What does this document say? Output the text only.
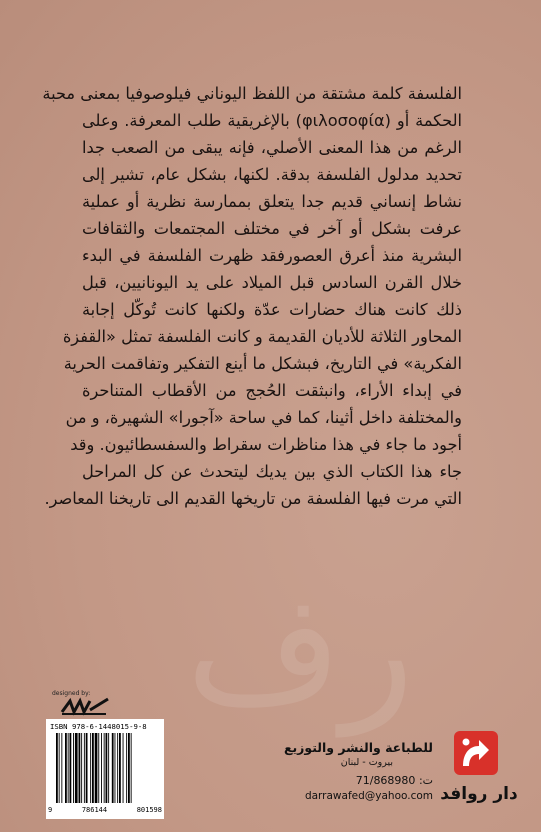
رف
الفلسفة كلمة مشتقة من اللفظ اليوناني فيلوصوفيا بمعنى محبة
الحكمة أو (φιλοσοφία) بالإغريقية طلب المعرفة. وعلى
الرغم من هذا المعنى الأصلي، فإنه يبقى من الصعب جدا
تحديد مدلول الفلسفة بدقة. لكنها، بشكل عام، تشير إلى
نشاط إنساني قديم جدا يتعلق بممارسة نظرية أو عملية
عرفت بشكل أو آخر في مختلف المجتمعات والثقافات
البشرية منذ أعرق العصورفقد ظهرت الفلسفة في البدء
خلال القرن السادس قبل الميلاد على يد اليونانيين، قبل
ذلك كانت هناك حضارات عدّة ولكنها كانت تُوكّل إجابة
المحاور الثلاثة للأديان القديمة و كانت الفلسفة تمثل «القفزة
الفكرية» في التاريخ، فبشكل ما أينع التفكير وتفاقمت الحرية
في إبداء الأراء، وانبثقت الحُجج من الأقطاب المتناحرة
والمختلفة داخل أثينا، كما في ساحة «آجورا» الشهيرة، و من
أجود ما جاء في هذا مناظرات سقراط والسفسطائيون. وقد
جاء هذا الكتاب الذي بين يديك ليتحدث عن كل المراحل
التي مرت فيها الفلسفة من تاريخها القديم الى تاريخنا المعاصر.
designed by:
ISBN 978-6-1448015-9-8
9	786144	801598
للطباعة والنشر والتوزيع
بيروت - لبنان
ت: 71/868980
darrawafed@yahoo.com دار روافد
